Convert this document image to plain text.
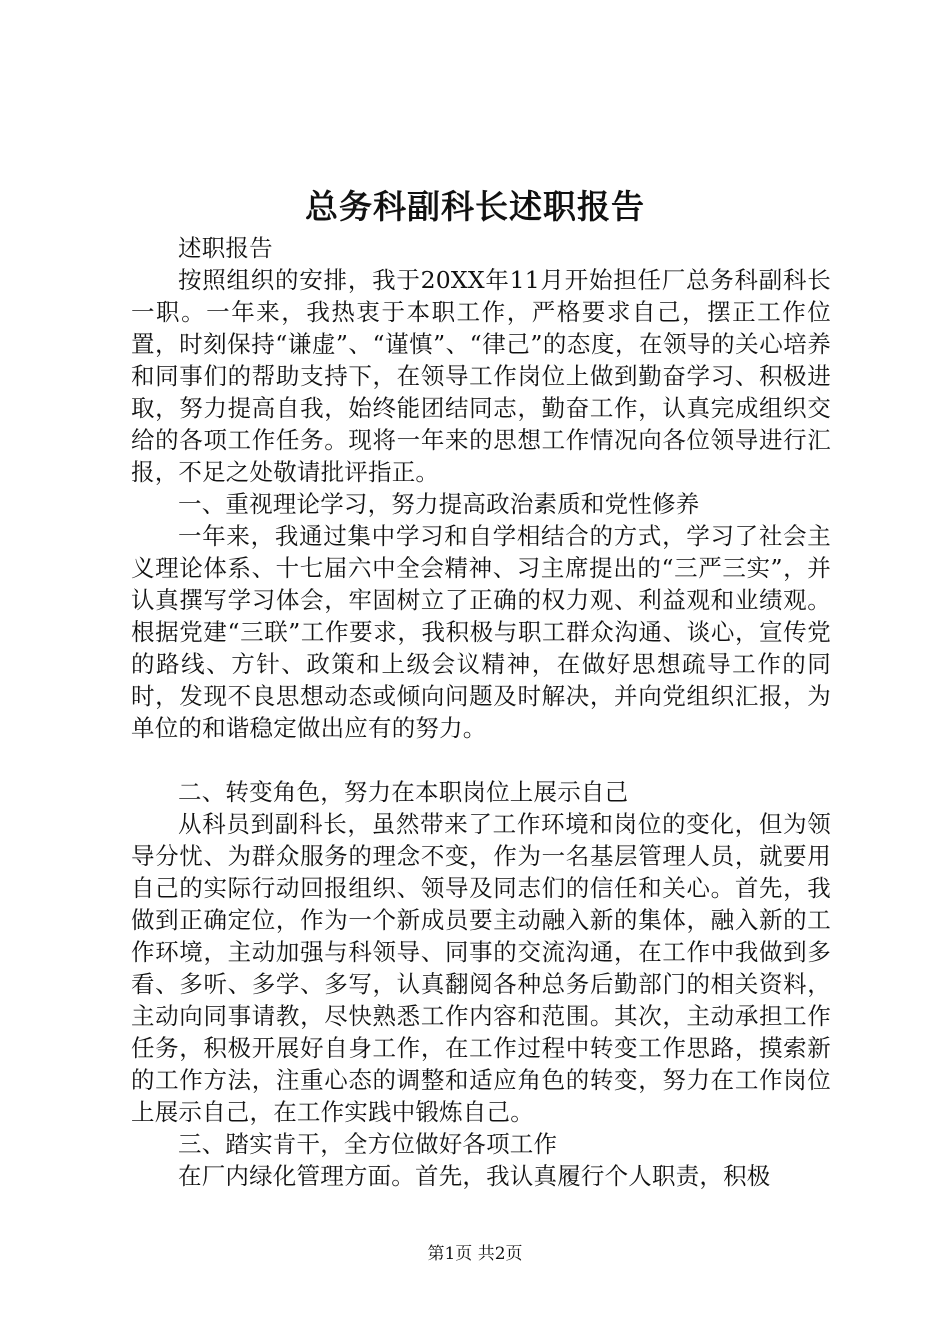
总务科副科长述职报告

述职报告

按照组织的安排，我于20XX年11月开始担任厂总务科副科长一职。一年来，我热衷于本职工作，严格要求自己，摆正工作位置，时刻保持“谦虚”、“谨慎”、“律己”的态度，在领导的关心培养和同事们的帮助支持下，在领导工作岗位上做到勤奋学习、积极进取，努力提高自我，始终能团结同志，勤奋工作，认真完成组织交给的各项工作任务。现将一年来的思想工作情况向各位领导进行汇报，不足之处敬请批评指正。

一、重视理论学习，努力提高政治素质和党性修养

一年来，我通过集中学习和自学相结合的方式，学习了社会主义理论体系、十七届六中全会精神、习主席提出的“三严三实”，并认真撰写学习体会，牢固树立了正确的权力观、利益观和业绩观。根据党建“三联”工作要求，我积极与职工群众沟通、谈心，宣传党的路线、方针、政策和上级会议精神，在做好思想疏导工作的同时，发现不良思想动态或倾向问题及时解决，并向党组织汇报，为单位的和谐稳定做出应有的努力。

二、转变角色，努力在本职岗位上展示自己

从科员到副科长，虽然带来了工作环境和岗位的变化，但为领导分忧、为群众服务的理念不变，作为一名基层管理人员，就要用自己的实际行动回报组织、领导及同志们的信任和关心。首先，我做到正确定位，作为一个新成员要主动融入新的集体，融入新的工作环境，主动加强与科领导、同事的交流沟通，在工作中我做到多看、多听、多学、多写，认真翻阅各种总务后勤部门的相关资料，主动向同事请教，尽快熟悉工作内容和范围。其次，主动承担工作任务，积极开展好自身工作，在工作过程中转变工作思路，摸索新的工作方法，注重心态的调整和适应角色的转变，努力在工作岗位上展示自己，在工作实践中锻炼自己。

三、踏实肯干，全方位做好各项工作

在厂内绿化管理方面。首先，我认真履行个人职责，积极

第1页 共2页
